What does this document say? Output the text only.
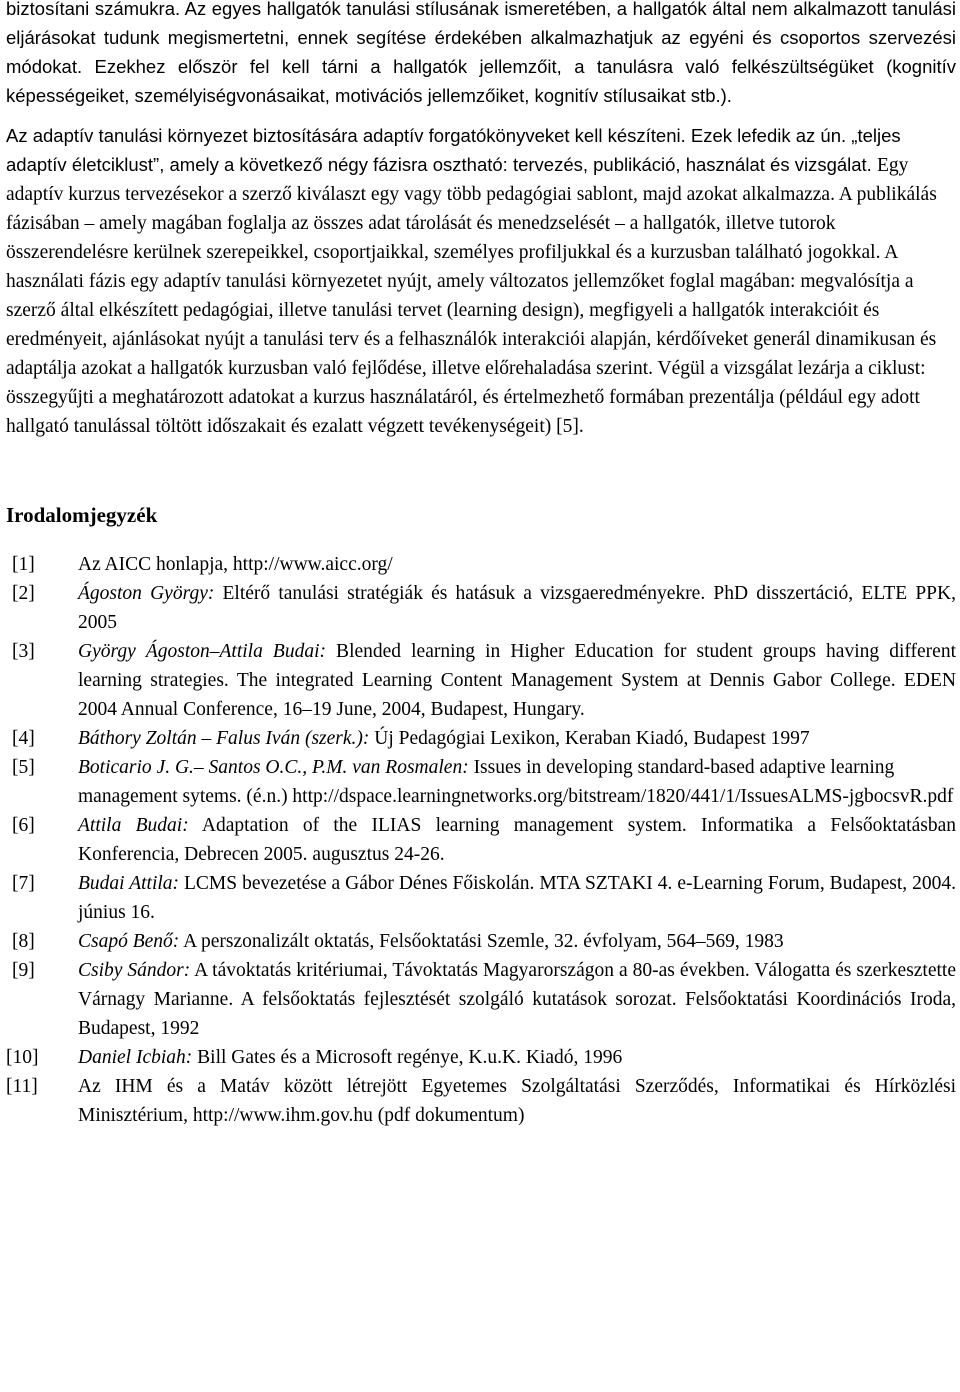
biztosítani számukra. Az egyes hallgatók tanulási stílusának ismeretében, a hallgatók által nem alkalmazott tanulási eljárásokat tudunk megismertetni, ennek segítése érdekében alkalmazhatjuk az egyéni és csoportos szervezési módokat. Ezekhez először fel kell tárni a hallgatók jellemzőit, a tanulásra való felkészültségüket (kognitív képességeiket, személyiségvonásaikat, motivációs jellemzőiket, kognitív stílusaikat stb.).

Az adaptív tanulási környezet biztosítására adaptív forgatókönyveket kell készíteni. Ezek lefedik az ún. „teljes adaptív életciklust”, amely a következő négy fázisra osztható: tervezés, publikáció, használat és vizsgálat.

Egy adaptív kurzus tervezésekor a szerző kiválaszt egy vagy több pedagógiai sablont, majd azokat alkalmazza. A publikálás fázisában – amely magában foglalja az összes adat tárolását és menedzselését – a hallgatók, illetve tutorok összerendelésre kerülnek szerepeikkel, csoportjaikkal, személyes profiljukkal és a kurzusban található jogokkal. A használati fázis egy adaptív tanulási környezetet nyújt, amely változatos jellemzőket foglal magában: megvalósítja a szerző által elkészített pedagógiai, illetve tanulási tervet (learning design), megfigyeli a hallgatók interakcióit és eredményeit, ajánlásokat nyújt a tanulási terv és a felhasználók interakciói alapján, kérdőíveket generál dinamikusan és adaptálja azokat a hallgatók kurzusban való fejlődése, illetve előrehaladása szerint. Végül a vizsgálat lezárja a ciklust: összegyűjti a meghatározott adatokat a kurzus használatáról, és értelmezhető formában prezentálja (például egy adott hallgató tanulással töltött időszakait és ezalatt végzett tevékenységeit) [5].

Irodalomjegyzék
[1]	Az AICC honlapja, http://www.aicc.org/
[2]	Ágoston György: Eltérő tanulási stratégiák és hatásuk a vizsgaeredményekre. PhD disszertáció, ELTE PPK, 2005
[3]	György Ágoston–Attila Budai: Blended learning in Higher Education for student groups having different learning strategies. The integrated Learning Content Management System at Dennis Gabor College. EDEN 2004 Annual Conference, 16–19 June, 2004, Budapest, Hungary.
[4]	Báthory Zoltán – Falus Iván (szerk.): Új Pedagógiai Lexikon, Keraban Kiadó, Budapest 1997
[5]	Boticario J. G.– Santos O.C., P.M. van Rosmalen: Issues in developing standard-based adaptive learning management sytems. (é.n.) http://dspace.learningnetworks.org/bitstream/1820/441/1/IssuesALMS-jgbocsvR.pdf
[6]	Attila Budai: Adaptation of the ILIAS learning management system. Informatika a Felsőoktatásban Konferencia, Debrecen 2005. augusztus 24-26.
[7]	Budai Attila: LCMS bevezetése a Gábor Dénes Főiskolán. MTA SZTAKI 4. e-Learning Forum, Budapest, 2004. június 16.
[8]	Csapó Benő: A perszonalizált oktatás, Felsőoktatási Szemle, 32. évfolyam, 564–569, 1983
[9]	Csiby Sándor: A távoktatás kritériumai, Távoktatás Magyarországon a 80-as években. Válogatta és szerkesztette Várnagy Marianne. A felsőoktatás fejlesztését szolgáló kutatások sorozat. Felsőoktatási Koordinációs Iroda, Budapest, 1992
[10]	Daniel Icbiah: Bill Gates és a Microsoft regénye, K.u.K. Kiadó, 1996
[11]	Az IHM és a Matáv között létrejött Egyetemes Szolgáltatási Szerződés, Informatikai és Hírközlési Minisztérium, http://www.ihm.gov.hu (pdf dokumentum)
